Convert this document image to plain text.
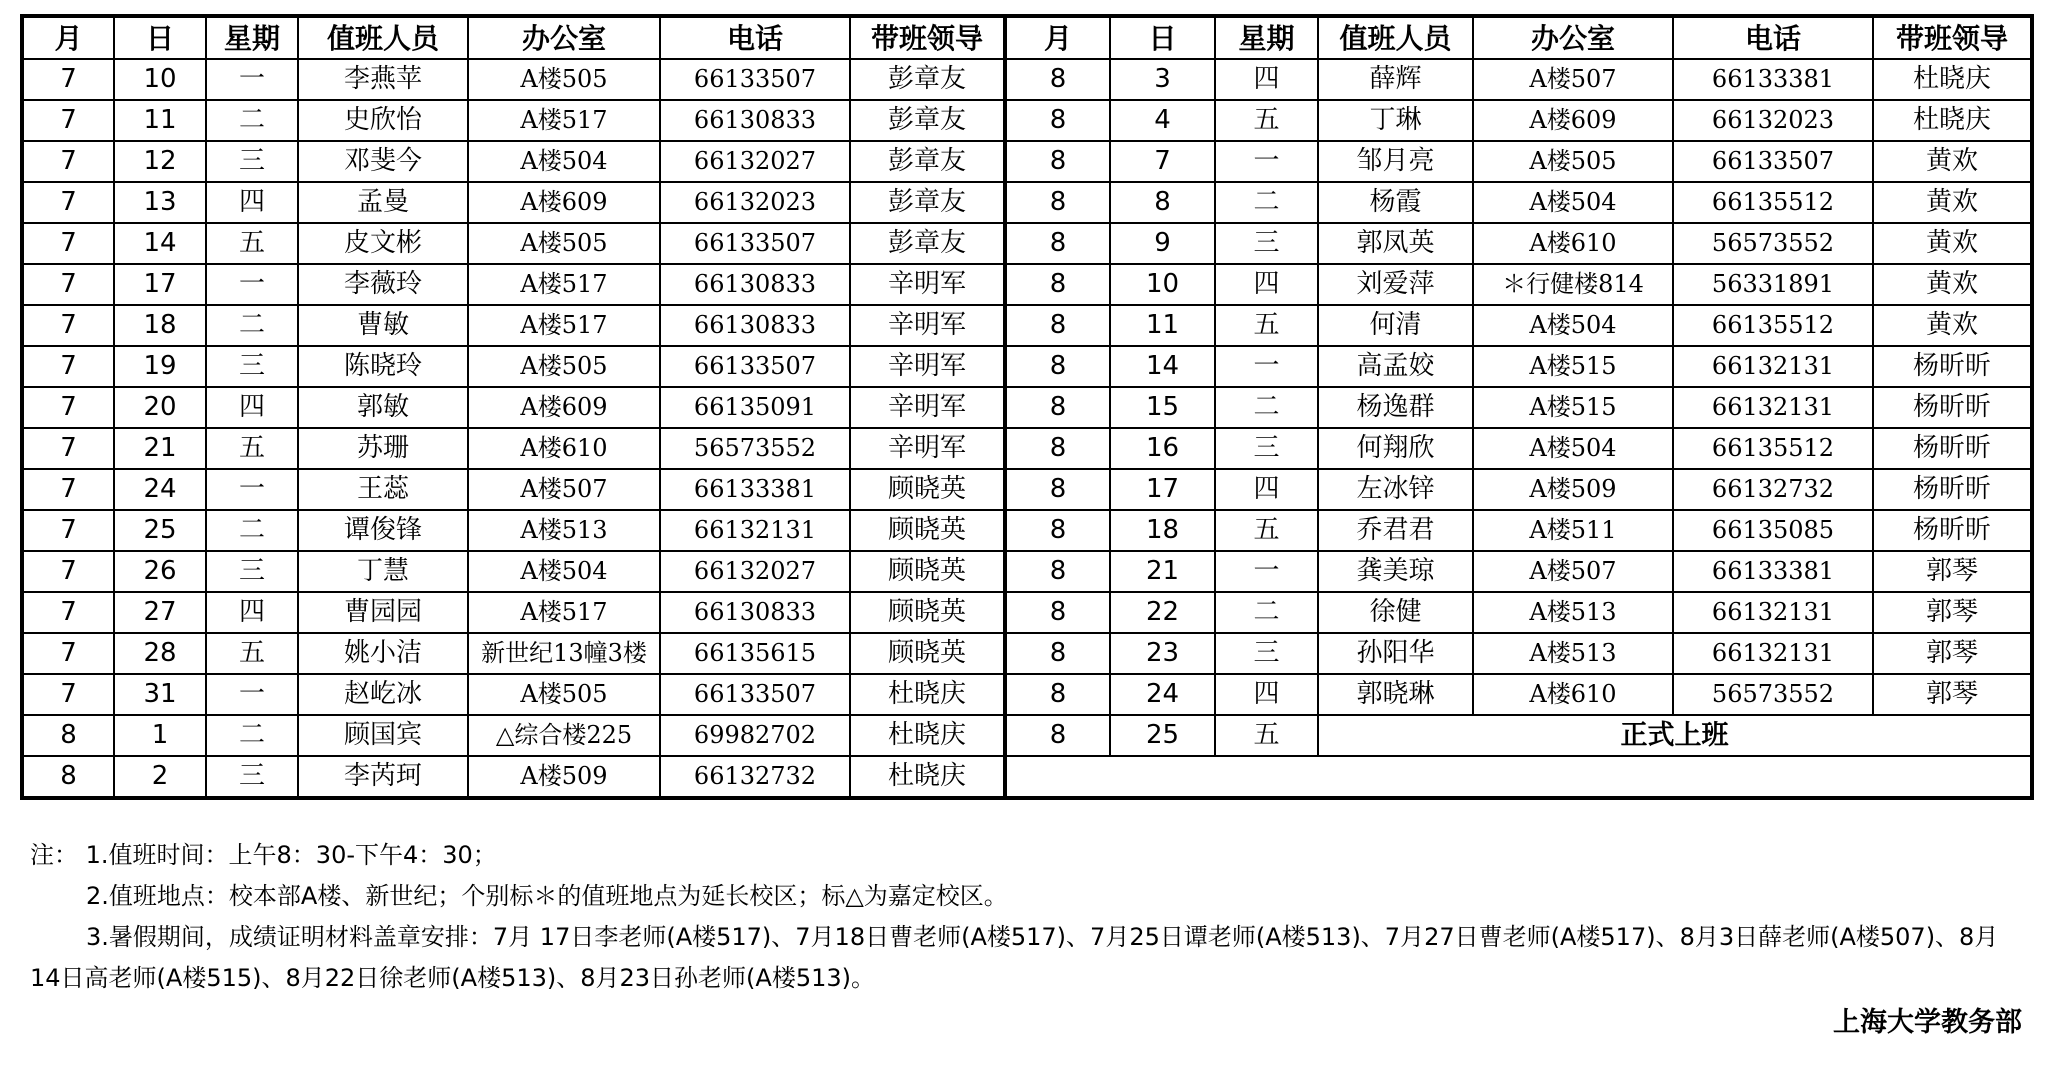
月	日	星期	值班人员	办公室	电话	带班领导	月	日	星期	值班人员	办公室	电话	带班领导
7	10	一	李燕苹	A楼505	66133507	彭章友	8	3	四	薛辉	A楼507	66133381	杜晓庆
7	11	二	史欣怡	A楼517	66130833	彭章友	8	4	五	丁琳	A楼609	66132023	杜晓庆
7	12	三	邓斐今	A楼504	66132027	彭章友	8	7	一	邹月亮	A楼505	66133507	黄欢
7	13	四	孟曼	A楼609	66132023	彭章友	8	8	二	杨霞	A楼504	66135512	黄欢
7	14	五	皮文彬	A楼505	66133507	彭章友	8	9	三	郭凤英	A楼610	56573552	黄欢
7	17	一	李薇玲	A楼517	66130833	辛明军	8	10	四	刘爱萍	＊行健楼814	56331891	黄欢
7	18	二	曹敏	A楼517	66130833	辛明军	8	11	五	何清	A楼504	66135512	黄欢
7	19	三	陈晓玲	A楼505	66133507	辛明军	8	14	一	高孟姣	A楼515	66132131	杨昕昕
7	20	四	郭敏	A楼609	66135091	辛明军	8	15	二	杨逸群	A楼515	66132131	杨昕昕
7	21	五	苏珊	A楼610	56573552	辛明军	8	16	三	何翔欣	A楼504	66135512	杨昕昕
7	24	一	王蕊	A楼507	66133381	顾晓英	8	17	四	左冰锌	A楼509	66132732	杨昕昕
7	25	二	谭俊锋	A楼513	66132131	顾晓英	8	18	五	乔君君	A楼511	66135085	杨昕昕
7	26	三	丁慧	A楼504	66132027	顾晓英	8	21	一	龚美琼	A楼507	66133381	郭琴
7	27	四	曹园园	A楼517	66130833	顾晓英	8	22	二	徐健	A楼513	66132131	郭琴
7	28	五	姚小洁	新世纪13幢3楼	66135615	顾晓英	8	23	三	孙阳华	A楼513	66132131	郭琴
7	31	一	赵屹冰	A楼505	66133507	杜晓庆	8	24	四	郭晓琳	A楼610	56573552	郭琴
8	1	二	顾国宾	△综合楼225	69982702	杜晓庆	8	25	五	正式上班			
8	2	三	李芮珂	A楼509	66132732	杜晓庆							
注： 1.值班时间：上午8：30-下午4：30；
2.值班地点：校本部A楼、新世纪；个别标＊的值班地点为延长校区；标△为嘉定校区。
3.暑假期间，成绩证明材料盖章安排：7月 17日李老师(A楼517)、7月18日曹老师(A楼517)、7月25日谭老师(A楼513)、7月27日曹老师(A楼517)、8月3日薛老师(A楼507)、8月14日高老师(A楼515)、8月22日徐老师(A楼513)、8月23日孙老师(A楼513)。
上海大学教务部
